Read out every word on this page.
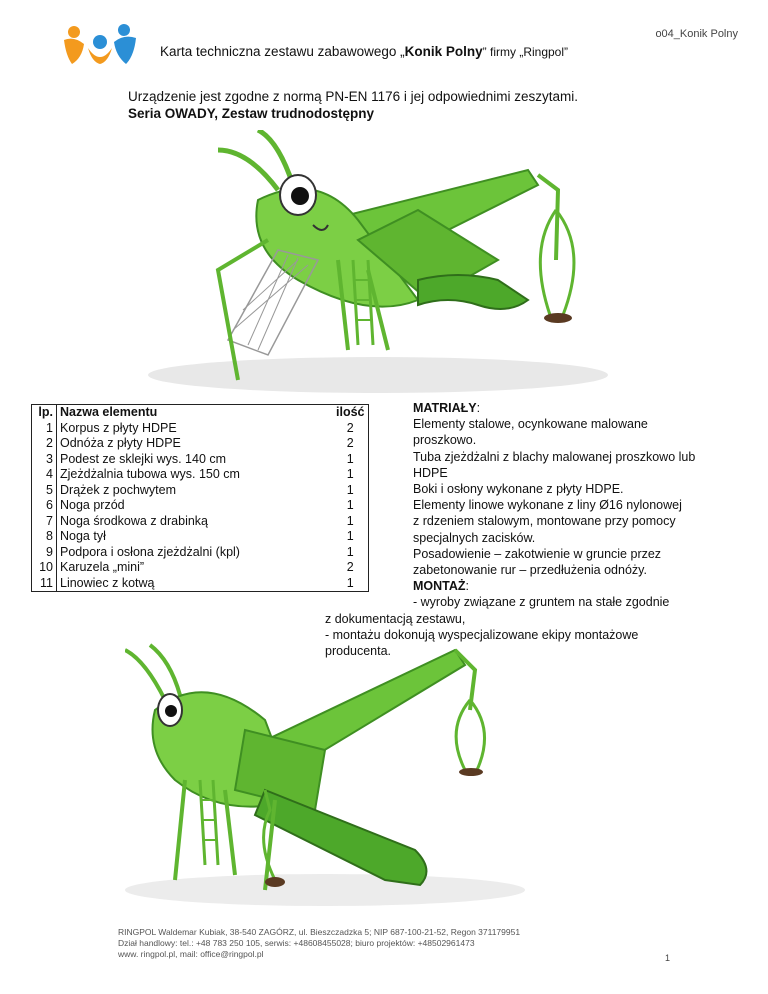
o04_Konik Polny
Karta techniczna zestawu zabawowego „Konik Polny” firmy „Ringpol”
Urządzenie jest zgodne z normą PN-EN 1176 i jej odpowiednimi zeszytami.
Seria OWADY, Zestaw trudnodostępny
lp.	Nazwa elementu	ilość
1	Korpus z płyty HDPE	2
2	Odnóża z płyty HDPE	2
3	Podest ze sklejki wys. 140 cm	1
4	Zjeżdżalnia tubowa wys. 150 cm	1
5	Drążek z pochwytem	1
6	Noga przód	1
7	Noga środkowa z drabinką	1
8	Noga tył	1
9	Podpora i osłona zjeżdżalni (kpl)	1
10	Karuzela „mini”	2
11	Linowiec z kotwą	1
MATRIAŁY:
Elementy stalowe, ocynkowane malowane
proszkowo.
Tuba zjeżdżalni z blachy malowanej proszkowo lub
HDPE
Boki i osłony wykonane z płyty HDPE.
Elementy linowe wykonane z liny Ø16 nylonowej
z rdzeniem stalowym, montowane przy pomocy
specjalnych zacisków.
Posadowienie – zakotwienie w gruncie przez
zabetonowanie rur – przedłużenia odnóży.
MONTAŻ:
- wyroby związane z gruntem na stałe zgodnie
z dokumentacją zestawu,
- montażu dokonują wyspecjalizowane ekipy montażowe
producenta.
RINGPOL Waldemar Kubiak, 38-540 ZAGÓRZ, ul. Bieszczadzka 5; NIP 687-100-21-52, Regon 371179951
Dział handlowy: tel.: +48 783 250 105, serwis: +48608455028; biuro projektów: +48502961473
www. ringpol.pl, mail: office@ringpol.pl	1
